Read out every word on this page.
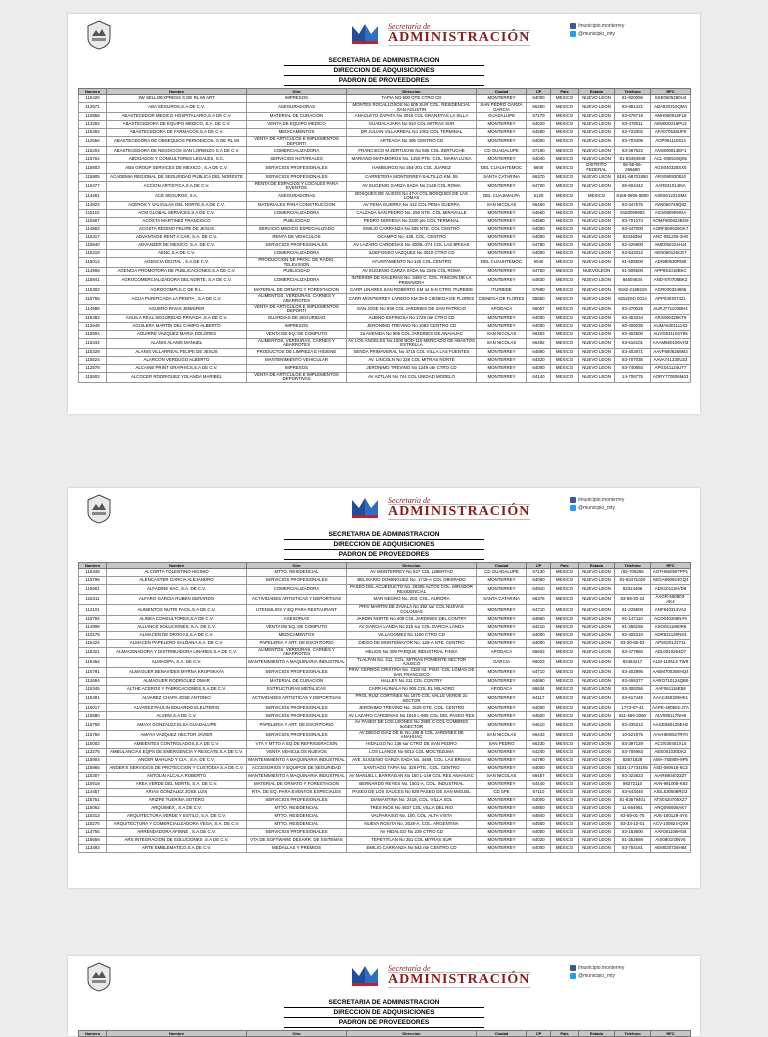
Secretaría de
ADMINISTRACIÓN
/municipio.monterrey
@municipio_mty
SECRETARIA DE ADMINISTRACION
DIRECCION DE ADQUISICIONES
PADRON DE PROVEEDORES
Numero	Nombre	Giro	Direccion	Ciudad	CP	Pais	Estado	Telefono	RFC
115426	3W SELLOEXPRESS S DE RL MI ART	IMPRESOS	TAPIA NO 500 OTE CTRO CD	MONTERREY	64000	MEXICO	NUEVO LEON	81-820096	SSE0605280U4
112571	ABA SEGUROS,S.A.DE C.V.	ASEGURADORAS	MONTES ROCALLOSOS No 505 SUR COL. RESIDENCIAL SAN AGUSTIN	SAN PEDRO GARZA GARCIA	66260	MEXICO	NUEVO LEON	83-881421	ABA920310QM4
110858	ABASTECEDOR MEDICO HOSPITALARIO,S.A DE C.V.	MATERIAL DE CURACION	ANACLETO ZAPATA No 3015 COL GRANJITAS LA SILLA	GUADALUPE	67170	MEXICO	NUEVO LEON	83-678716	AMH950915FL8
113392	ABASTECEDORA DE EQUIPO MEDICO, S.A. DE C.V.	VENTA DE EQUIPO MEDICO	GUADALAJARA No 910 COL MITRAS SUR	MONTERREY	64020	MEXICO	NUEVO LEON	83-478011	AEM020216PU2
115492	ABASTECEDORA DE FARMACOS,S.A DE C.V.	MEDICAMENTOS	DR JULIAN VILLARREAL No 1002 COL TERMINAL	MONTERREY	64580	MEXICO	NUEVO LEON	83-723302	AFA070528UF8
112656	ABASTECEDORA DE OBSEQUIOS PERIODICOS, S DE RL MI	VENTA DE ARTICULOS E IMPLEMENTOS DEPORTI	ARTEAGA No 306 CENTRO CD	MONTERREY	64000	MEXICO	NUEVO LEON	83-703409	AOP061110514
115204	ABASTECEDORA DE NEGOCIOS SAN LORENZO S.A DE C.V.	COMERCIALIZADORA	FRANCISCO M ZERTUCHE No 925 COL ZERTUCHE	CD GUADALUPE	67190	MEXICO	NUEVO LEON	83-367522	ANS090814EF1
115764	ABOGADOS Y CONSULTORES LEGALES, S.C.	SERVICIOS NOTARIALES	MARIANO MATAMOROS No. 1250 PTE. COL. MARIA LUISA	MONTERREY	64040	MEXICO	NUEVO LEON	81-83494948	ACL-090519Q65
115803	ABS GROUP SERVICES DE MEXICO , S.A DE C.V.	SERVICIOS PROFESIONALES	HAMBURGO No 254-201 COL JUAREZ	DEL CUAUHTEMOC	6600	MEXICO	DISTRITO FEDERAL	55-55-56-256680	AGS040325SX5
115805	ACADEMIA REGIONAL DE SEGURIDAD PUBLICA DEL NORESTE	SERVICIOS PROFESIONALES	CARRETERA MONTERREY-SALTILLO KM. 55	SANTA CATARINA	66370	MEXICO	NUEVO LEON	8181-68701850	ARS090930810
115477	ACCION ARTISTICA,S.A DE C.V.	RENTA DE ESPACIOS Y LOCALES PARA EVENTOS	AV EUGENIO GARZA SADA No 2145 COL ROMA	MONTERREY	64700	MEXICO	NUEVO LEON	85-604442	AAR931014I6A
114491	ACE SEGUROS, S.A.	ASEGURADORAS	BOSQUES DE ALISOS No 47-A COL BOSQUES DE LAS LOMAS	DEL CUAJIMALPA	5120	MEXICO	MEXICO	8158-5806-5800	ASE901221SM4
114824	ACEROS Y VALVULAS DEL NORTE,S.A DE C.V.	MATERIALES PARA CONSTRUCCION	AV PENA GUERRA No 412 COL PENA GUERRA	SAN NICOLAS	66460	MEXICO	NUEVO LEON	83-347575	AVN060728Q82
115110	ACM GLOBAL SERVICES,S.A DE C.V.	COMERCIALIZADORA	CALZADA SAN PEDRO No. 250 NTE. COL MIRAVALLE	MONTERREY	64660	MEXICO	NUEVO LEON	8150009952	AGS080909IGA
115567	ACOSTA MARTINEZ FRANCISCO	PUBLICIDAD	PEDRO NORIEGA No 2330 pte COL TERMINAL	MONTERREY	64580	MEXICO	NUEVO LEON	83-701074	AOMF800822BG8
114853	ACOSTA REGINO FELIPE DE JESUS	SERVICIO MEDICO ESPECIALIZADO	EMILIO CARRANZA No 535 NTE. COL CENTRO	MONTERREY	64000	MEXICO	NUEVO LEON	83-447000	AORF660529GK7
115317	ADVANTAGE RENT A CAR, S.A. DE C.V.	RENTA DE VEHICULOS	OCAMPO No. 429, COL. CENTRO	MONTERREY	64000	MEXICO	NUEVO LEON	83436394	ARC-081226-2H0
115940	ADVANZER DE MEXICO, S.A. DE C.V.	SERVICIOS PROFESIONALES	AV LAZARO CARDENAS No 4000L-274 COL LAS BRISAS	MONTERREY	64780	MEXICO	NUEVO LEON	82-426900	AME050224HJ4
115218	AENC,S.A DE C.V.	COMERCIALIZADORA	ILDEFONSO VAZQUEZ No 3010 CTRO CD	MONTERREY	64000	MEXICO	NUEVO LEON	83-543312	AEN060126CE7
115014	AGENCIA DIGITAL , S.A.DE C.V.	PRODUCCION DE PROG. DE RADIO, TELEVISION	AYUNTAMIENTO No 125 COL CENTRO	DEL CUAUHTEMOC	6040	MEXICO	NUEVO LEON	81-505500	ADI990630RM8
114908	AGENCIA PROMOTORA DE PUBLICACIONES,S.A DE C.V.	PUBLICIDAD	AV EUGENIO GARZA SADA No 2245 COL ROMA	MONTERREY	64750	MEXICO	NUEVOLEON	81-505500	APP851018BKC
115941	AGROCOMERCIALIZADORA DEL NORTE, S.A DE C.V.	COMERCIALIZADORA	INTERIOR DE GALERIAS No. 3493 C. COL. RINCON DE LA PRIMAVERA	MONTERREY	64830	MEXICO	NUEVO LEON	84604634	AND-970708BK2
115302	AGROCOMPLS,C DE R.L.	MATERIAL DE ORNATO Y FORESTACION	CARR LINARES SAN ROBERTO KM 44 5-N CTRO ITURBIDE	ITURBIDE	67680	MEXICO	NUEVO LEON	8182-2189219	AGR030324865
115765	AGUA PURIFICADA LA PENITA , S.A DE C.V.	ALIMENTOS, VERDURAS, CARNES Y ABARROTES	CARR MONTERREY LAREDO KM 39.5 CIENEGA DE FLORES	CIENEGA DE FLORES	65550	MEXICO	NUEVO LEON	8252(84) 0014	APP030407421
114988	AGUERO RIVAS JENNIFER	VENTA DE ARTICULOS E IMPLEMENTOS DEPORTI	SAN JOSE No 939 COL JARDINES DE SAN PATRICIO	APODACA	66057	MEXICO	NUEVO LEON	83-370025	AURJ771102BH4
115492	AGUILA REAL SEGURIDAD PRIVADA ,S.A DE C.V.	GUARDIAS DE SEGURIDAD	ALBINO ESPINOSA No 1729 ote CTRO CD	MONTERREY	64000	MEXICO	NUEVO LEON	83-453334	ARS090425KT9
112649	AGUILERA MARTIN DEL CAMPO ALBERTO	IMPRESOS	JERONIMO TREVINO No 1083 CENTRO CD	MONTERREY	64000	MEXICO	NUEVO LEON	80-406035	AUMA6301111X2
115904	AGUIRRE VAZQUEZ MARIA DOLORES	VENTA DE EQ. DE COMPUTO	2a AVENIDA No 906 COL JARDINES DE ANAHUAC	SAN NICOLAS	66483	MEXICO	NUEVO LEON	83-404500	AUVD531104Y85
115344	ALANIS ALANIS MANUEL	ALIMENTOS, VERDURAS, CARNES Y ABARROTES	AV LOS ANGELES No 1000 BOD-110 MERCADO DE ABASTOS ESTRELLA	SAN NICOLAS	66482	MEXICO	NUEVO LEON	83-516101	AAAM560106VH3
115329	ALANIS VILLARREAL FELIPE DE JESUS	PRODUCTOS DE LIMPIEZA E HIGIENE	SENDA PRIMAVERAL No 4715 COL VILLA LAS FUENTES	MONTERREY	64890	MEXICO	NUEVO LEON	83-402871	AAVF6506266M3
115524	ALARCON VERDUGO ALBERTO	MANTENIMIENTO VEHICULAR	AV. LINCOLN No 226 COL MITRAS NORTE	MONTERREY	64320	MEXICO	NUEVO LEON	83-707035	AAVA741230U23
112578	ALCAINE PRINT GRAPHICS,S.A DE C.V.	IMPRESOS	JERONIMO TREVINO No 1249 ote CTRO CD	MONTERREY	64000	MEXICO	NUEVO LEON	83-740893	APG041124UT7
115502	ALCOCER RODRIGUEZ YOLANDA MARIBEL	VENTA DE ARTICULOS E IMPLEMENTOS DEPORTIVAS	AV AZTLAN No 744 COL UNIDAD MODELO	MONTERREY	64140	MEXICO	NUEVO LEON	14-706775	AORY770506M43
Secretaría de
ADMINISTRACIÓN
/municipio.monterrey
@municipio_mty
SECRETARIA DE ADMINISTRACION
DIRECCION DE ADQUISICIONES
PADRON DE PROVEEDORES
Numero	Nombre	Giro	Direccion	Ciudad	CP	Pais	Estado	Telefono	RFC
115348	ALCORTA TOLENTINO HIGINIO	MTTO. RESIDENCIAL	AV MONTERREY No 527 COL LIBERTAD	CD GUADALUPE	67130	MEXICO	NUEVO LEON	(83-706256	AOTH660507PP1
115796	ALENCASTER GARCIA ALEJANDRO	SERVICIOS PROFESIONALES	BELISARIO DOMINGUEZ No. 1719-A COL OBISPADO	MONTERREY	64060	MEXICO	NUEVO LEON	81-83471020	AEGA690924GQ4
115661	ALFADINE SAC, S.A. DE C.V.	COMERCIALIZADORA	PASEO DEL ACUEDUCTO No. 28305 ALTOS COL. MIRADOR RESIDENCIAL	MONTERREY	64910	MEXICO	NUEVO LEON	83314486	ADS101116VD8
116311	ALFARO GARCIA RUBEN GERARDO	ACTIVIDADES ARTISTICAS Y DEPORTIVAS	MAR NEGRO No. 203, COL. AURORA	SANTA CATARINA	66376	MEXICO	NUEVO LEON	83-88-20-24	AAGR-550803-AK4
112101	ALIMENTOS NUTRI FACIL,S.A DE C.V.	UTENSILIOS Y EQ PARA RESTAURANT	PRIV MARTIN DE ZAVALA No 392 sur COL NUEVAS COLONIAS	MONTERREY	64710	MEXICO	NUEVO LEON	81-225500	ANF940314VA2
115794	ALINEA CONSULTORES,S.A DE C.V.	ASESORIAS	JARDIN NORTE No 408 COL JARDINES DEL CONTRY	MONTERREY	64860	MEXICO	NUEVO LEON	81-147110	ACO040208NY6
114898	ALLIANCE SOLUCIONES, S.A. DE C.V.	VENTA DE EQ. DE COMPUTO	AV GARCIA LANDA No 215 sur COL GARCIA LANDA	MONTERREY	64210	MEXICO	NUEVO LEON	81-356155	ASO0411800R6
110178	ALMACEN DE DROGAS,S.A DE C.V.	MEDICAMENTOS	VILLAGOMEZ No 1100 CTRO CD	MONTERREY	64000	MEXICO	NUEVO LEON	82-305310	ADR531130NS4
115424	ALMACEN PAPELERO SALDANA S.A. DE C.V.	PAPELERIA Y ART. DE ESCRITORIO	DIEGO DE MONTEMAYOR No. 125-A NTE. CENTRO	MONTERREY	64000	MEXICO	NUEVO LEON	83-30-66-53	APS020121T11
115321	ALMACENADORA Y DISTRIBUIDORA LINARES,S.A DE C.V.	ALIMENTOS, VERDURAS, CARNES Y ABARROTES	HELIOS No 309 PARQUE INDUSTRIAL FINSA	APODACA	66603	MEXICO	NUEVO LEON	83-477860	ADL0010264D7
115454	ALMAGIPA, S.A. DE C.V.	MANTENIMIENTO A MAQUINARIA INDUSTRIAL	TLALPAN No. 211, COL. MITRAS PONIENTE SECTOR AJUSCO	GARCIA	66023	MEXICO	NUEVO LEON	83484217	ALM-110613-TW9
115791	ALMAGUER BENAVIDES MYRNA KRUPSKAYA	SERVICIOS PROFESIONALES	PRIV. CERROS CRISTINA No. 2320 Int. PISO. COL LOMAS DE SAN FRANCISCO	MONTERREY	64710	MEXICO	NUEVO LEON	83-402995	AABM700306HQ4
112694	ALMAGUER RODRIGUEZ OMAR	MATERIAL DE CURACION	HALLEY No 211 COL CONTRY	MONTERREY	64860	MEXICO	NUEVO LEON	83-406377	AARO710124QB9
115345	ALTHE ACEROS Y FABRICACIONES,S.A.DE C.V.	ESTRUCTURAS METALICAS	CARR HUINALA No 905 COL EL MILAGRO	APODACA	66634	MEXICO	NUEVO LEON	83-308256	AAF061116E58
115491	ALVAREZ CHAPA JOSE ANTONIO	ACTIVIDADES ARTISTICAS Y DEPORTIVAS	PROL RUIZ CORTINES No 1870 COL VALLE VERDE 2o SECTOR	MONTERREY	64117	MEXICO	NUEVO LEON	83-617446	AAAC450329HK1
116017	ALVAREZ PAULIN EDUARDO ELEUTERIO	SERVICIOS PROFESIONALES	JERONIMO TREVINO No. 1525 OTE. COL. CENTRO	MONTERREY	64000	MEXICO	NUEVO LEON	1773-67-41	AAPE-480502-J7A
115580	ALVENI,S.A DE C.V.	SERVICIOS PROFESIONALES	AV LAZARO CARDENAS No 1610 L-905 COL DEL PASEO RES	MONTERREY	64920	MEXICO	NUEVO LEON	811-556-2060	ALV080117NH8
115758	AMAYA GONZALEZ ELSA GUADALUPE	PAPELERIA Y ART. DE ESCRITORIO	AV PASEO DE LOS LEONES No 2965 C COL CUMBRES 5oSECTOR	MONTERREY	64610	MEXICO	NUEVO LEON	83-335312	AAGE560125EH2
115756	AMAYA VAZQUEZ HECTOR JAVIER	SERVICIOS PROFESIONALES	AV DIEGO DIAZ DE B. No 186 B COL JARDINES DE ANAHUAC	SAN NICOLAS	66443	MEXICO	NUEVO LEON	10-521976	AAVH590527RY0
115002	AMBIENTES CONTROLADOS,S.A DE C.V.	VTA Y MTTO A EQ DE REFRIGERACION	HIDALGO No 136 sur CTRO DE SAN PEDRO	SAN PEDRO	66230	MEXICO	NUEVO LEON	83-397129	ACO030401XL5
113275	AMBULANCIAS EQPS DE EMERGENCIA Y RESCATE,S.A DE C.V.	VENTA VEHICULOS NUEVOS	LOS LLANOS No 6012 COL MOCTEZUMA	MONTERREY	64240	MEXICO	NUEVO LEON	83-705983	AEE001030DK2
115904	ANCER MAHUAD Y CIA., S.A. DE C.V.	MANTENIMIENTO A MAQUINARIA INDUSTRIAL	AVE. EUGENIO GARZA SADA No. 4469, COL. LAS BRISAS	MONTERREY	64780	MEXICO	NUEVO LEON	83571828	AMA-750809-9P5
115965	ANDER'S SERVICIOS DE PROTECCION Y CUSTODIA S.A DE C.V.	ACCESORIOS Y EQUIPOS DE SEGURIDAD	SANTIAGO TAPIA No. 328 PTE., COL. CENTRO	MONTERREY	64000	MEXICO	NUEVO LEON	8181-17734185	ASD-080618-6C2
115307	ANTOLIN ALCALA ROBERTO	MANTENIMIENTO A MAQUINARIA INDUSTRIAL	AV MANUEL L BARRAGAN No 150 L-149 COL RES ANAHUAC	SAN NICOLAS	66457	MEXICO	NUEVO LEON	83-323823	AIAR6804023Z7
115918	AREA VERDE DEL NORTE, S.A. DE C.V.	MATERIAL DE ORNATO Y FORESTACION	BERNARDO REYES No. 1501-A, COL. INDUSTRIAL	MONTERREY	64440	MEXICO	NUEVO LEON	98272110	AVN-991008-K83
114457	ARIAS GONZALEZ JOSE LUIS	RTA. DE EQ. PARA EVENTOS ESPECIALES	PASEO DE LOS SAUCES No 839 PASEO DE SAN MIGUEL	CD SPE	67110	MEXICO	NUEVO LEON	83-543446	AIGL530508RG3
115751	ARIZPE TUERINA SOTERO	SERVICIOS PROFESIONALES	DIAMANTINA No. 2418, COL. VILLA SOL	MONTERREY	64000	MEXICO	NUEVO LEON	81-83579401	ATS0420705XZ7
115062	ARQUIMEX , S.A DE C.V.	MTTO. RESIDENCIAL	TRES RIOS No 4537 COL VILLA DEL RIO	MONTERREY	64850	MEXICO	NUEVO LEON	11-564951	ARQ090608AK7
115313	ARQUITECTURA VERDE Y ESTILO, S.A. DE C.V.	MTTO. RESIDENCIAL	VALPARAISO No. 100, COL. ALTA VISTA	MONTERREY	64840	MEXICO	NUEVO LEON	83-59-01-75	AVE-100128-4Y5
115275	ARQUITECTURA Y COMERCIALIZADORA VEGA, S.A. DE C.V.	MTTO. RESIDENCIAL	NUEVA ROSITA No. 3028-A, COL. ARGENTINA	MONTERREY	64550	MEXICO	NUEVO LEON	83-33-13-01	ACV-100824-QX9
114755	ARRENDADORA AFINNE , S.A.DE C.V.	SERVICIOS PROFESIONALES	AV HIDALGO No 239 CTRO CD	MONTERREY	64000	MEXICO	NUEVO LEON	83-153600	AAF081108HG8
115658	ARS INTEGRACION DE SOLUCIONES ,S.A DE C.V.	VTA DE SOFTWARE DESARR. DE SISTEMAS	TEPETITLAN No 251 COL MITRAS SUR	MONTERREY	64020	MEXICO	NUEVO LEON	81-252669	AIS080103NV5
113492	ARTE EMBLEMATICO,S.A DE C.V.	MEDALLAS Y PREMIOS	EMILIO CARRANZA No 542 nte CENTRO CD	MONTERREY	64000	MEXICO	NUEVO LEON	83-754161	AEM020726H84
Secretaría de
ADMINISTRACIÓN
/municipio.monterrey
@municipio_mty
SECRETARIA DE ADMINISTRACION
DIRECCION DE ADQUISICIONES
PADRON DE PROVEEDORES
Numero	Nombre	Giro	Direccion	Ciudad	CP	Pais	Estado	Telefono	RFC
